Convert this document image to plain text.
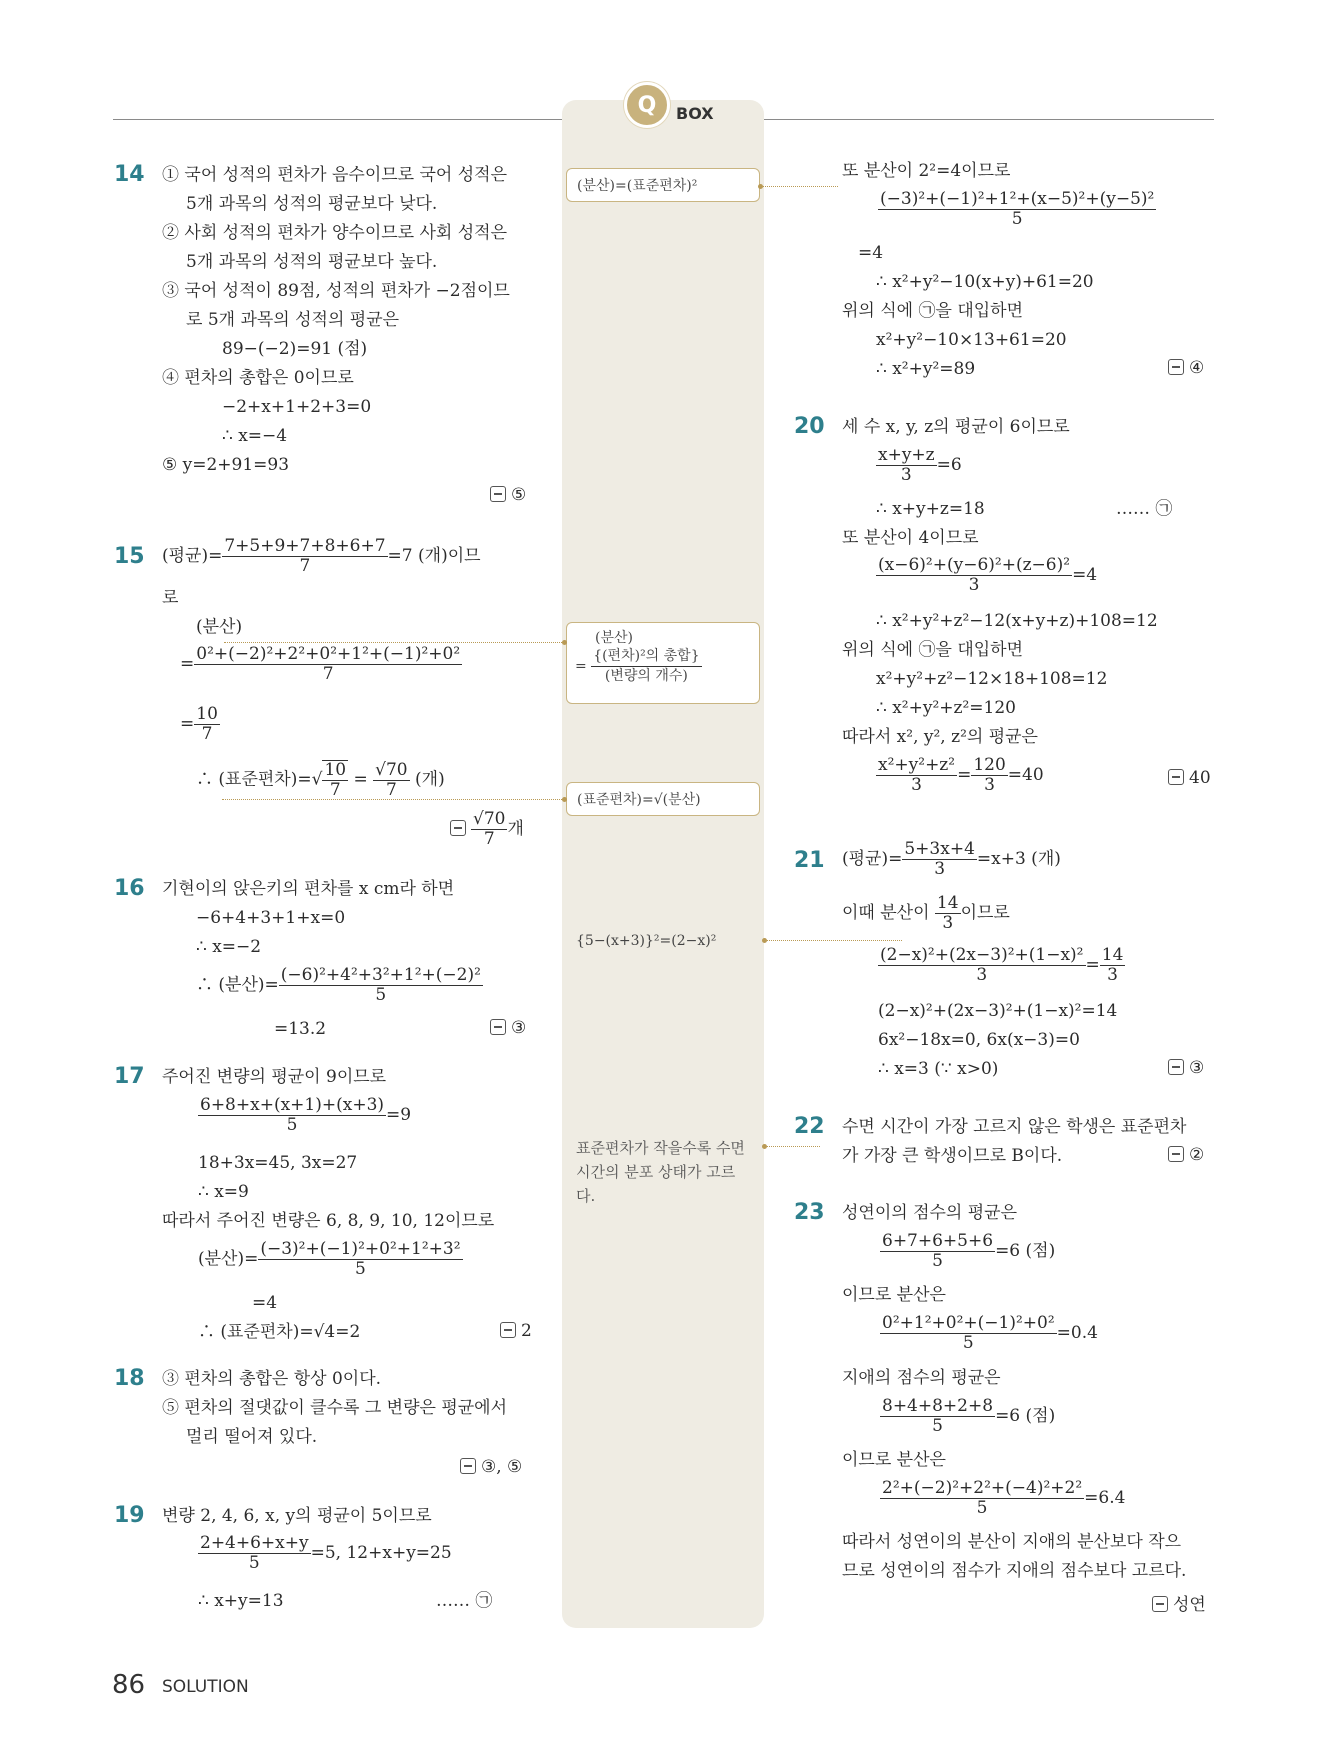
Q	BOX
(분산)=(표준편차)²
(분산)
= $\frac{\text{\{(편차)²의 총합\}}}{\text{(변량의 개수)}}$
(표준편차)=√(분산)
{5−(x+3)}²=(2−x)²
표준편차가 작을수록 수면
시간의 분포 상태가 고르
다.
14 ① 국어 성적의 편차가 음수이므로 국어 성적은
5개 과목의 성적의 평균보다 낮다.
② 사회 성적의 편차가 양수이므로 사회 성적은
5개 과목의 성적의 평균보다 높다.
③ 국어 성적이 89점, 성적의 편차가 −2점이므
로 5개 과목의 성적의 평균은
89−(−2)=91 (점)
④ 편차의 총합은 0이므로
−2+x+1+2+3=0
∴ x=−4
⑤ y=2+91=93
⑤
15 (평균)= $\frac{7+5+9+7+8+6+7}{7} =7$ (개)이므
로
(분산)
= $\frac{\text{0²+(−2)²+2²+0²+1²+(−1)²+0²}}{7}$
= $\frac{10}{7}$
∴ (표준편차)=√ $\frac{10}{7} = \frac{√70}{7}$ (개)
$\frac{√70}{7}$ 개
16 기현이의 앉은키의 편차를 x cm라 하면
−6+4+3+1+x=0
∴ x=−2
∴ (분산)= $\frac{\text{(−6)²+4²+3²+1²+(−2)²}}{5}$
=13.2	③
17 주어진 변량의 평균이 9이므로
$\frac{6+8+x+(x+1)+(x+3)}{5} =9$
18+3x=45, 3x=27
∴ x=9
따라서 주어진 변량은 6, 8, 9, 10, 12이므로
(분산)= $\frac{\text{(−3)²+(−1)²+0²+1²+3²}}{5}$
=4
∴ (표준편차)=√4=2	2
18 ③ 편차의 총합은 항상 0이다.
⑤ 편차의 절댓값이 클수록 그 변량은 평균에서
멀리 떨어져 있다.
③, ⑤
19 변량 2, 4, 6, x, y의 평균이 5이므로
$\frac{2+4+6+x+y}{5} =5$, 12+x+y=25
∴ x+y=13	…… ㉠
또 분산이 2²=4이므로
$\frac{\text{(−3)²+(−1)²+1²+(x−5)²+(y−5)²}}{5}$
=4
∴ x²+y²−10(x+y)+61=20
위의 식에 ㉠을 대입하면
x²+y²−10×13+61=20
∴ x²+y²=89	④
20 세 수 x, y, z의 평균이 6이므로
$\frac{x+y+z}{3} =6$
∴ x+y+z=18	…… ㉠
또 분산이 4이므로
$\frac{\text{(x−6)²+(y−6)²+(z−6)²}}{3} =4$
∴ x²+y²+z²−12(x+y+z)+108=12
위의 식에 ㉠을 대입하면
x²+y²+z²−12×18+108=12
∴ x²+y²+z²=120
따라서 x², y², z²의 평균은
$\frac{\text{x²+y²+z²}}{3} = \frac{120}{3} =40$	40
21 (평균)= $\frac{5+3x+4}{3} =x+3$ (개)
이때 분산이 $\frac{14}{3}$ 이므로
$\frac{\text{(2−x)²+(2x−3)²+(1−x)²}}{3} = \frac{14}{3}$
(2−x)²+(2x−3)²+(1−x)²=14
6x²−18x=0, 6x(x−3)=0
∴ x=3 (∵ x>0)	③
22 수면 시간이 가장 고르지 않은 학생은 표준편차
가 가장 큰 학생이므로 B이다.	②
23 성연이의 점수의 평균은
$\frac{6+7+6+5+6}{5} =6$ (점)
이므로 분산은
$\frac{\text{0²+1²+0²+(−1)²+0²}}{5} =0.4$
지애의 점수의 평균은
$\frac{8+4+8+2+8}{5} =6$ (점)
이므로 분산은
$\frac{\text{2²+(−2)²+2²+(−4)²+2²}}{5} =6.4$
따라서 성연이의 분산이 지애의 분산보다 작으
므로 성연이의 점수가 지애의 점수보다 고르다.
성연
86 SOLUTION
